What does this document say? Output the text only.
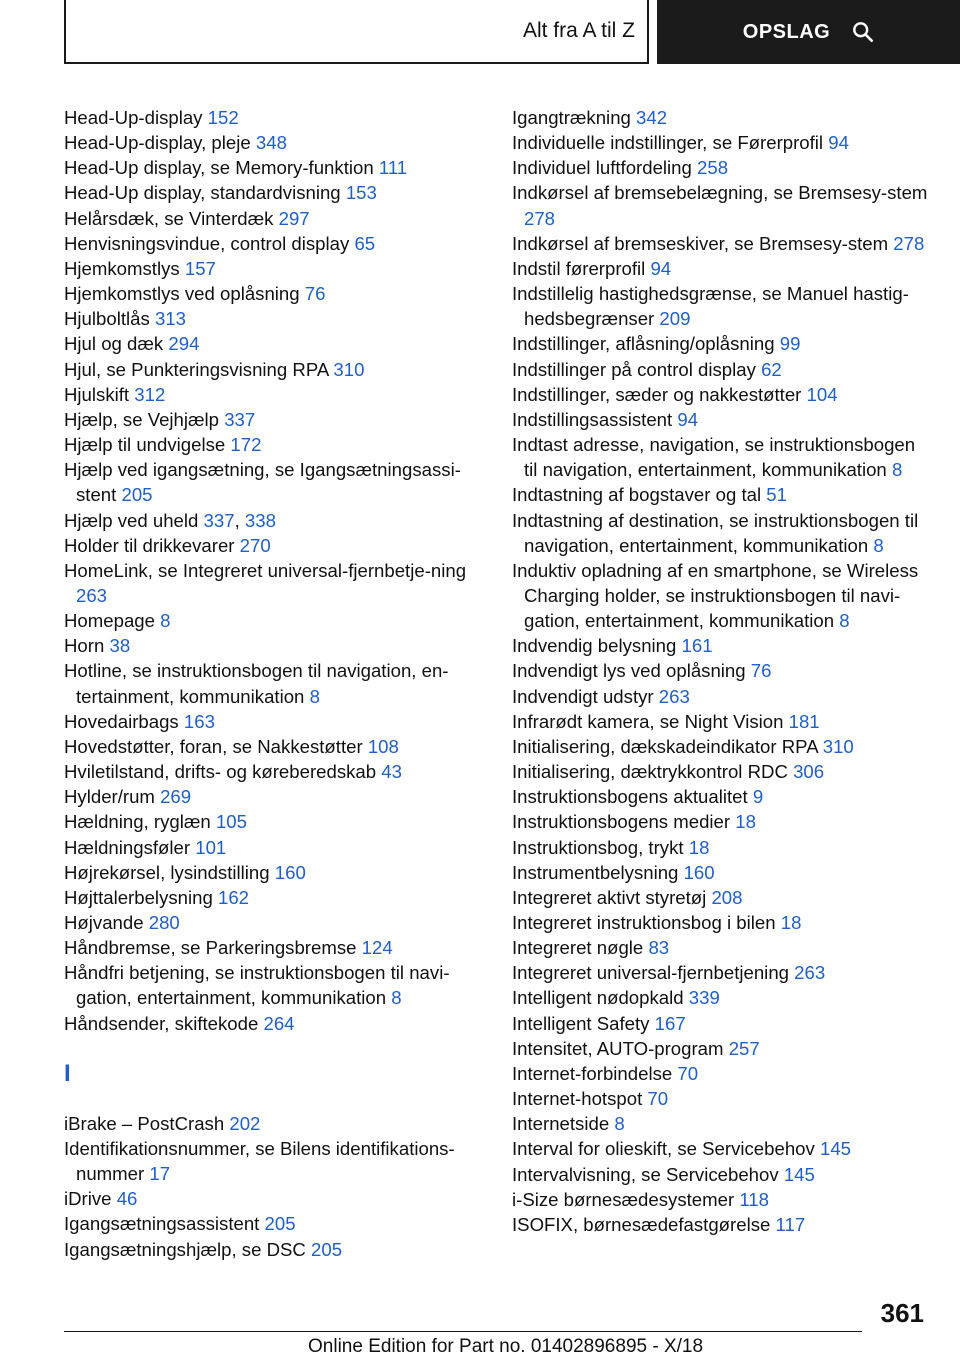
Alt fra A til Z	OPSLAG
Head-Up-display 152
Head-Up-display, pleje 348
Head-Up display, se Memory-funktion 111
Head-Up display, standardvisning 153
Helårsdæk, se Vinterdæk 297
Henvisningsvindue, control display 65
Hjemkomstlys 157
Hjemkomstlys ved oplåsning 76
Hjulboltlås 313
Hjul og dæk 294
Hjul, se Punkteringsvisning RPA 310
Hjulskift 312
Hjælp, se Vejhjælp 337
Hjælp til undvigelse 172
Hjælp ved igangsætning, se Igangsætningsassi‐stent 205
Hjælp ved uheld 337, 338
Holder til drikkevarer 270
HomeLink, se Integreret universal-fjernbetje‐ning 263
Homepage 8
Horn 38
Hotline, se instruktionsbogen til navigation, en‐tertainment, kommunikation 8
Hovedairbags 163
Hovedstøtter, foran, se Nakkestøtter 108
Hviletilstand, drifts- og køreberedskab 43
Hylder/rum 269
Hældning, ryglæn 105
Hældningsføler 101
Højrekørsel, lysindstilling 160
Højttalerbelysning 162
Højvande 280
Håndbremse, se Parkeringsbremse 124
Håndfri betjening, se instruktionsbogen til navi‐gation, entertainment, kommunikation 8
Håndsender, skiftekode 264
I
iBrake – PostCrash 202
Identifikationsnummer, se Bilens identifikations‐nummer 17
iDrive 46
Igangsætningsassistent 205
Igangsætningshjælp, se DSC 205
Igangtrækning 342
Individuelle indstillinger, se Førerprofil 94
Individuel luftfordeling 258
Indkørsel af bremsebelægning, se Bremsesy‐stem 278
Indkørsel af bremseskiver, se Bremsesy‐stem 278
Indstil førerprofil 94
Indstillelig hastighedsgrænse, se Manuel hastig‐hedsbegrænser 209
Indstillinger, aflåsning/oplåsning 99
Indstillinger på control display 62
Indstillinger, sæder og nakkestøtter 104
Indstillingsassistent 94
Indtast adresse, navigation, se instruktionsbogen til navigation, entertainment, kommunikation 8
Indtastning af bogstaver og tal 51
Indtastning af destination, se instruktionsbogen til navigation, entertainment, kommunikation 8
Induktiv opladning af en smartphone, se Wireless Charging holder, se instruktionsbogen til navi‐gation, entertainment, kommunikation 8
Indvendig belysning 161
Indvendigt lys ved oplåsning 76
Indvendigt udstyr 263
Infrarødt kamera, se Night Vision 181
Initialisering, dækskadeindikator RPA 310
Initialisering, dæktrykkontrol RDC 306
Instruktionsbogens aktualitet 9
Instruktionsbogens medier 18
Instruktionsbog, trykt 18
Instrumentbelysning 160
Integreret aktivt styretøj 208
Integreret instruktionsbog i bilen 18
Integreret nøgle 83
Integreret universal-fjernbetjening 263
Intelligent nødopkald 339
Intelligent Safety 167
Intensitet, AUTO-program 257
Internet-forbindelse 70
Internet-hotspot 70
Internetside 8
Interval for olieskift, se Servicebehov 145
Intervalvisning, se Servicebehov 145
i-Size børnesædesystemer 118
ISOFIX, børnesædefastgørelse 117
361
Online Edition for Part no. 01402896895 - X/18
